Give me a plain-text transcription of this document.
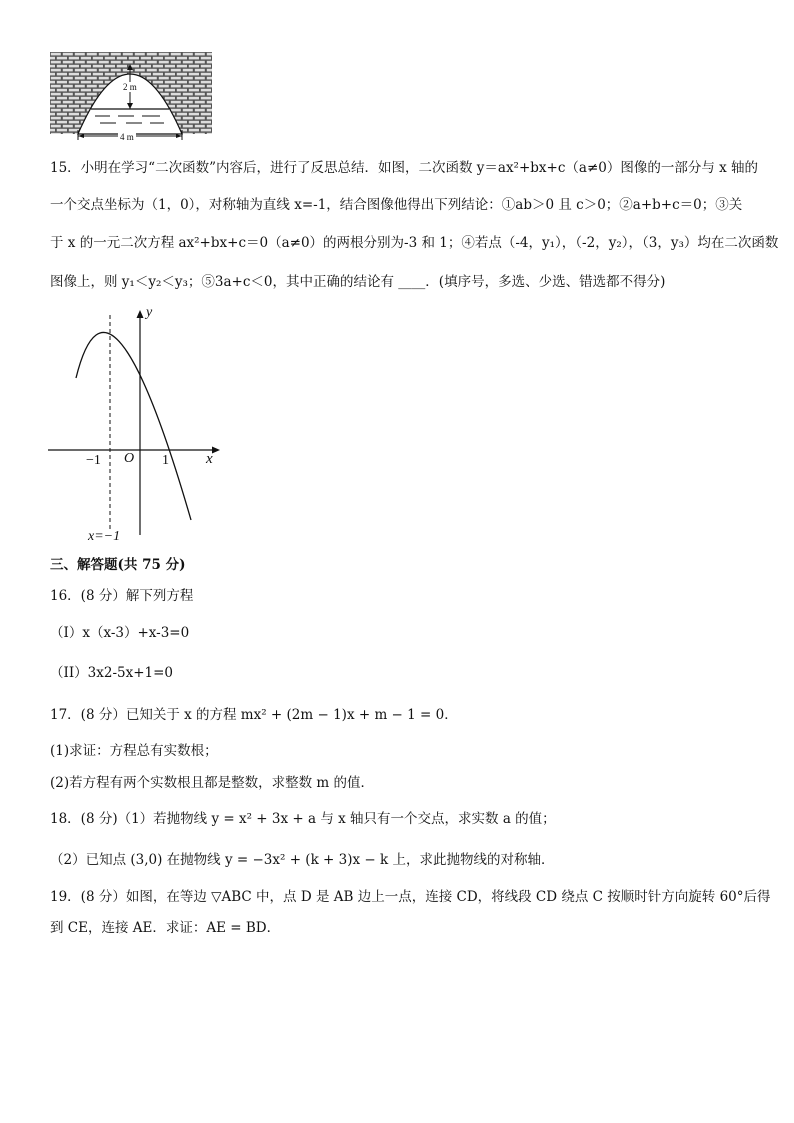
2 m
4 m
15．小明在学习“二次函数”内容后，进行了反思总结．如图，二次函数 y＝ax²+bx+c（a≠0）图像的一部分与 x 轴的
一个交点坐标为（1，0），对称轴为直线 x=-1，结合图像他得出下列结论：①ab＞0 且 c＞0；②a+b+c＝0；③关
于 x 的一元二次方程 ax²+bx+c＝0（a≠0）的两根分别为-3 和 1；④若点（-4，y₁），（-2，y₂），（3，y₃）均在二次函数
图像上，则 y₁＜y₂＜y₃；⑤3a+c＜0，其中正确的结论有 ____．(填序号，多选、少选、错选都不得分)
y
x
O
−1	1
x=−1
三、解答题(共 75 分)
16．(8 分）解下列方程
（I）x（x-3）+x-3=0
（II）3x2-5x+1=0
17．(8 分）已知关于 x 的方程 mx² + (2m − 1)x + m − 1 = 0．
(1)求证：方程总有实数根；
(2)若方程有两个实数根且都是整数，求整数 m 的值．
18．(8 分)（1）若抛物线 y = x² + 3x + a 与 x 轴只有一个交点，求实数 a 的值；
（2）已知点 (3,0) 在抛物线 y = −3x² + (k + 3)x − k 上，求此抛物线的对称轴．
19．(8 分）如图，在等边 ▽ABC 中，点 D 是 AB 边上一点，连接 CD，将线段 CD 绕点 C 按顺时针方向旋转 60°后得
到 CE，连接 AE．求证：AE = BD．
